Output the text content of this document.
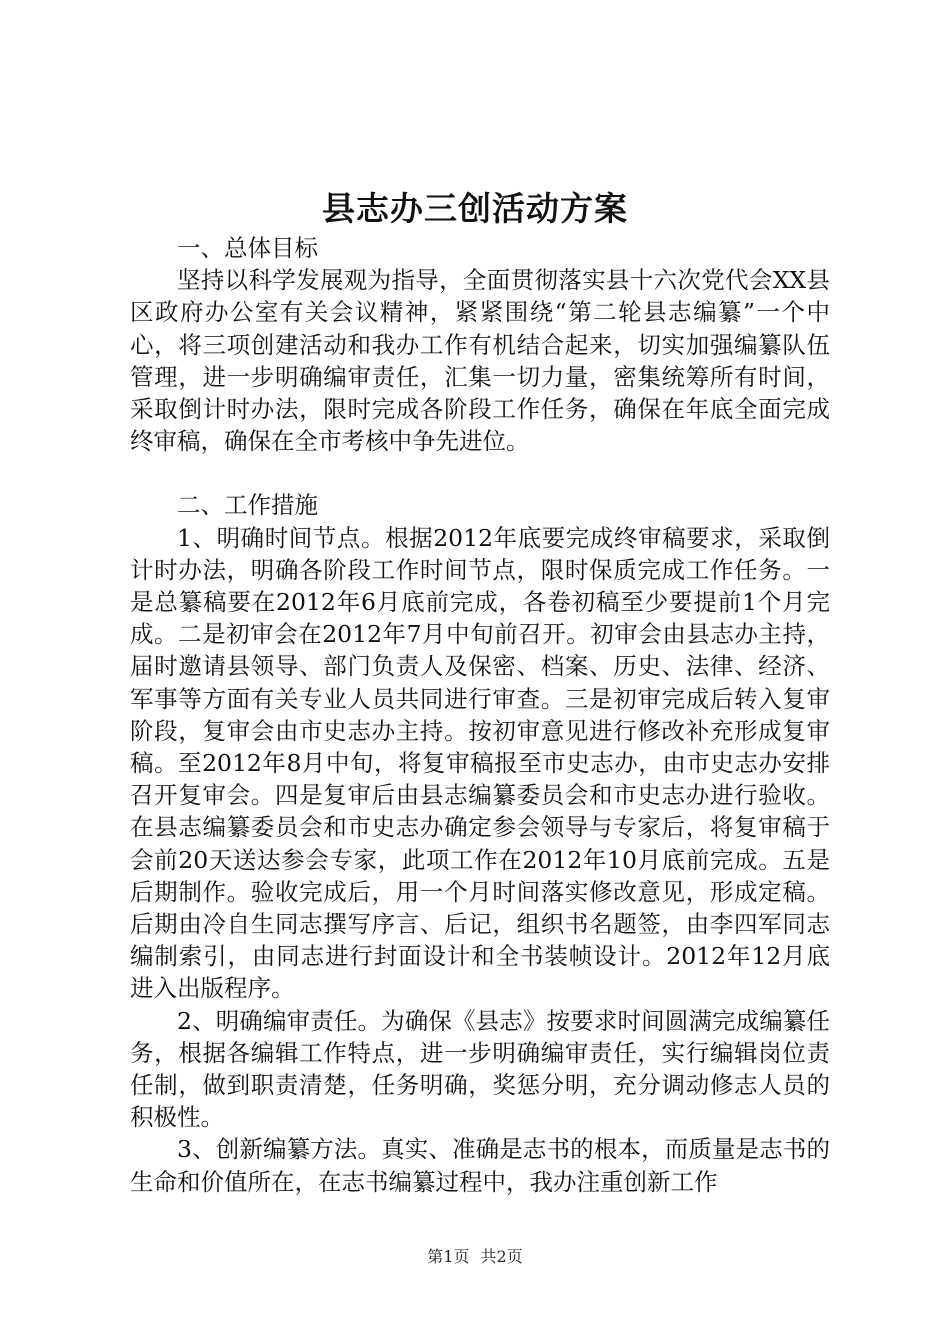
县志办三创活动方案

一、总体目标

坚持以科学发展观为指导，全面贯彻落实县十六次党代会XX县区政府办公室有关会议精神，紧紧围绕“第二轮县志编纂”一个中心，将三项创建活动和我办工作有机结合起来，切实加强编纂队伍管理，进一步明确编审责任，汇集一切力量，密集统筹所有时间，采取倒计时办法，限时完成各阶段工作任务，确保在年底全面完成终审稿，确保在全市考核中争先进位。

二、工作措施

1、明确时间节点。根据2012年底要完成终审稿要求，采取倒计时办法，明确各阶段工作时间节点，限时保质完成工作任务。一是总纂稿要在2012年6月底前完成，各卷初稿至少要提前1个月完成。二是初审会在2012年7月中旬前召开。初审会由县志办主持，届时邀请县领导、部门负责人及保密、档案、历史、法律、经济、军事等方面有关专业人员共同进行审查。三是初审完成后转入复审阶段，复审会由市史志办主持。按初审意见进行修改补充形成复审稿。至2012年8月中旬，将复审稿报至市史志办，由市史志办安排召开复审会。四是复审后由县志编纂委员会和市史志办进行验收。在县志编纂委员会和市史志办确定参会领导与专家后，将复审稿于会前20天送达参会专家，此项工作在2012年10月底前完成。五是后期制作。验收完成后，用一个月时间落实修改意见，形成定稿。后期由冷自生同志撰写序言、后记，组织书名题签，由李四军同志编制索引，由同志进行封面设计和全书装帧设计。2012年12月底进入出版程序。

2、明确编审责任。为确保《县志》按要求时间圆满完成编纂任务，根据各编辑工作特点，进一步明确编审责任，实行编辑岗位责任制，做到职责清楚，任务明确，奖惩分明，充分调动修志人员的积极性。

3、创新编纂方法。真实、准确是志书的根本，而质量是志书的生命和价值所在，在志书编纂过程中，我办注重创新工作

第1页 共2页
